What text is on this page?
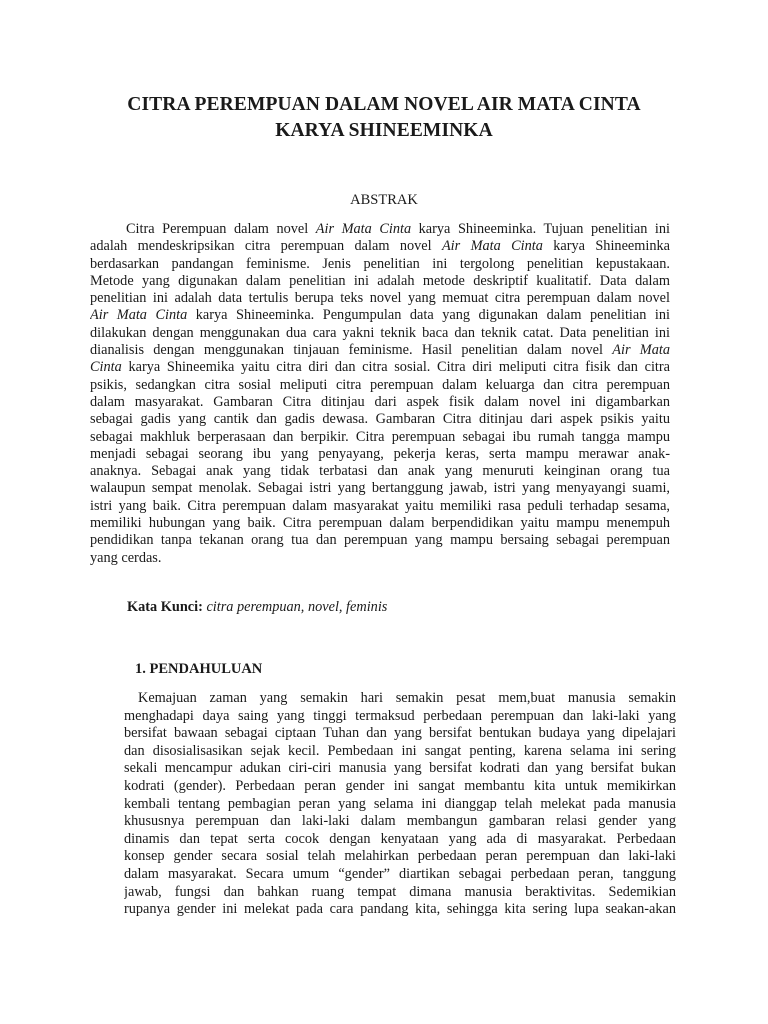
CITRA PEREMPUAN DALAM NOVEL AIR MATA CINTA
KARYA SHINEEMINKA
ABSTRAK
Citra Perempuan dalam novel Air Mata Cinta karya Shineeminka. Tujuan penelitian ini
adalah mendeskripsikan citra perempuan dalam novel Air Mata Cinta karya Shineeminka
berdasarkan pandangan feminisme. Jenis penelitian ini tergolong penelitian kepustakaan.
Metode yang digunakan dalam penelitian ini adalah metode deskriptif kualitatif. Data dalam
penelitian ini adalah data tertulis berupa teks novel yang memuat citra perempuan dalam novel
Air Mata Cinta karya Shineeminka. Pengumpulan data yang digunakan dalam penelitian ini
dilakukan dengan menggunakan dua cara yakni teknik baca dan teknik catat. Data penelitian ini
dianalisis dengan menggunakan tinjauan feminisme. Hasil penelitian dalam novel Air Mata
Cinta karya Shineemika yaitu citra diri dan citra sosial. Citra diri meliputi citra fisik dan citra
psikis, sedangkan citra sosial meliputi citra perempuan dalam keluarga dan citra perempuan
dalam masyarakat. Gambaran Citra ditinjau dari aspek fisik dalam novel ini digambarkan
sebagai gadis yang cantik dan gadis dewasa. Gambaran Citra ditinjau dari aspek psikis yaitu
sebagai makhluk berperasaan dan berpikir. Citra perempuan sebagai ibu rumah tangga mampu
menjadi sebagai seorang ibu yang penyayang, pekerja keras, serta mampu merawar anak-
anaknya. Sebagai anak yang tidak terbatasi dan anak yang menuruti keinginan orang tua
walaupun sempat menolak. Sebagai istri yang bertanggung jawab, istri yang menyayangi suami,
istri yang baik. Citra perempuan dalam masyarakat yaitu memiliki rasa peduli terhadap sesama,
memiliki hubungan yang baik. Citra perempuan dalam berpendidikan yaitu mampu menempuh
pendidikan tanpa tekanan orang tua dan perempuan yang mampu bersaing sebagai perempuan
yang cerdas.
Kata Kunci: citra perempuan, novel, feminis
1. PENDAHULUAN
Kemajuan zaman yang semakin hari semakin pesat mem,buat manusia semakin
menghadapi daya saing yang tinggi termaksud perbedaan perempuan dan laki-laki yang
bersifat bawaan sebagai ciptaan Tuhan dan yang bersifat bentukan budaya yang dipelajari
dan disosialisasikan sejak kecil. Pembedaan ini sangat penting, karena selama ini sering
sekali mencampur adukan ciri-ciri manusia yang bersifat kodrati dan yang bersifat bukan
kodrati (gender). Perbedaan peran gender ini sangat membantu kita untuk memikirkan
kembali tentang pembagian peran yang selama ini dianggap telah melekat pada manusia
khususnya perempuan dan laki-laki dalam membangun gambaran relasi gender yang
dinamis dan tepat serta cocok dengan kenyataan yang ada di masyarakat. Perbedaan
konsep gender secara sosial telah melahirkan perbedaan peran perempuan dan laki-laki
dalam masyarakat. Secara umum “gender” diartikan sebagai perbedaan peran, tanggung
jawab, fungsi dan bahkan ruang tempat dimana manusia beraktivitas. Sedemikian
rupanya gender ini melekat pada cara pandang kita, sehingga kita sering lupa seakan-akan
